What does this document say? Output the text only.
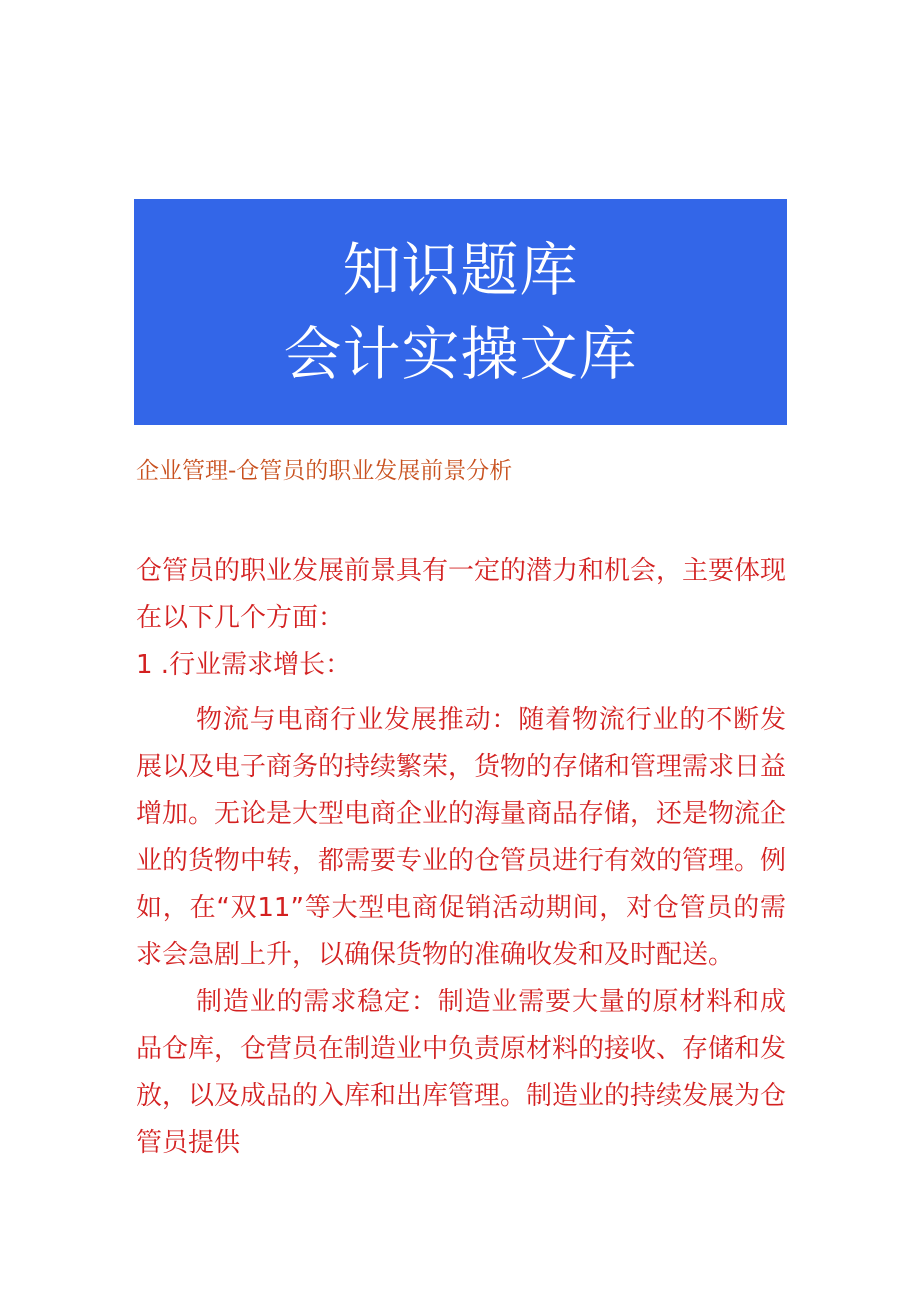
知识题库
会计实操文库
企业管理-仓管员的职业发展前景分析

仓管员的职业发展前景具有一定的潜力和机会，主要体现在以下几个方面：

1 .行业需求增长：

物流与电商行业发展推动：随着物流行业的不断发展以及电子商务的持续繁荣，货物的存储和管理需求日益增加。无论是大型电商企业的海量商品存储，还是物流企业的货物中转，都需要专业的仓管员进行有效的管理。例如，在“双11”等大型电商促销活动期间，对仓管员的需求会急剧上升，以确保货物的准确收发和及时配送。

制造业的需求稳定：制造业需要大量的原材料和成品仓库，仓营员在制造业中负责原材料的接收、存储和发放，以及成品的入库和出库管理。制造业的持续发展为仓管员提供
